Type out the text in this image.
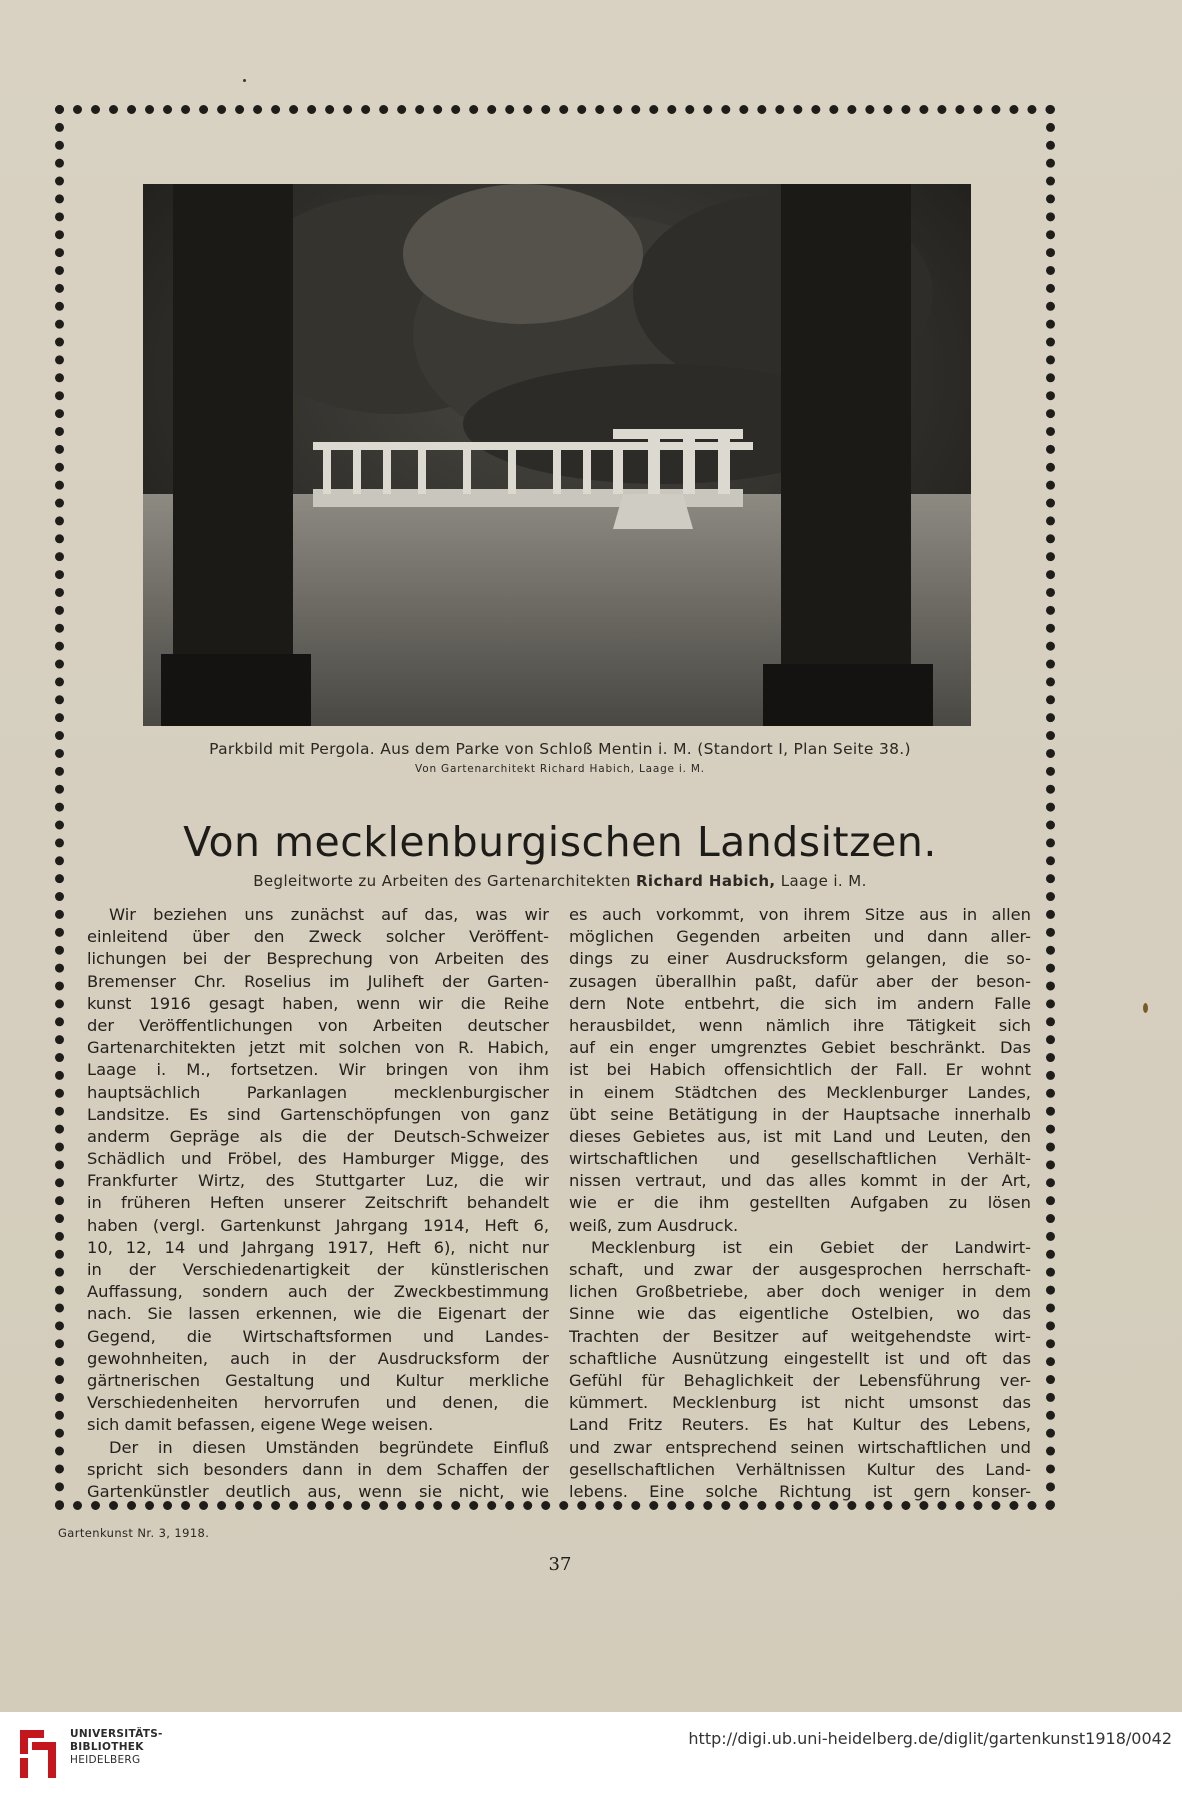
Parkbild mit Pergola. Aus dem Parke von Schloß Mentin i. M. (Standort I, Plan Seite 38.)
Von Gartenarchitekt Richard Habich, Laage i. M.
Von mecklenburgischen Landsitzen.
Begleitworte zu Arbeiten des Gartenarchitekten Richard Habich, Laage i. M.
Wir beziehen uns zunächst auf das, was wir
einleitend über den Zweck solcher Veröffent-
lichungen bei der Besprechung von Arbeiten des
Bremenser Chr. Roselius im Juliheft der Garten-
kunst 1916 gesagt haben, wenn wir die Reihe
der Veröffentlichungen von Arbeiten deutscher
Gartenarchitekten jetzt mit solchen von R. Habich,
Laage i. M., fortsetzen. Wir bringen von ihm
hauptsächlich Parkanlagen mecklenburgischer
Landsitze. Es sind Gartenschöpfungen von ganz
anderm Gepräge als die der Deutsch-Schweizer
Schädlich und Fröbel, des Hamburger Migge, des
Frankfurter Wirtz, des Stuttgarter Luz, die wir
in früheren Heften unserer Zeitschrift behandelt
haben (vergl. Gartenkunst Jahrgang 1914, Heft 6,
10, 12, 14 und Jahrgang 1917, Heft 6), nicht nur
in der Verschiedenartigkeit der künstlerischen
Auffassung, sondern auch der Zweckbestimmung
nach. Sie lassen erkennen, wie die Eigenart der
Gegend, die Wirtschaftsformen und Landes-
gewohnheiten, auch in der Ausdrucksform der
gärtnerischen Gestaltung und Kultur merkliche
Verschiedenheiten hervorrufen und denen, die
sich damit befassen, eigene Wege weisen.
Der in diesen Umständen begründete Einfluß
spricht sich besonders dann in dem Schaffen der
Gartenkünstler deutlich aus, wenn sie nicht, wie
es auch vorkommt, von ihrem Sitze aus in allen
möglichen Gegenden arbeiten und dann aller-
dings zu einer Ausdrucksform gelangen, die so-
zusagen überallhin paßt, dafür aber der beson-
dern Note entbehrt, die sich im andern Falle
herausbildet, wenn nämlich ihre Tätigkeit sich
auf ein enger umgrenztes Gebiet beschränkt. Das
ist bei Habich offensichtlich der Fall. Er wohnt
in einem Städtchen des Mecklenburger Landes,
übt seine Betätigung in der Hauptsache innerhalb
dieses Gebietes aus, ist mit Land und Leuten, den
wirtschaftlichen und gesellschaftlichen Verhält-
nissen vertraut, und das alles kommt in der Art,
wie er die ihm gestellten Aufgaben zu lösen
weiß, zum Ausdruck.
Mecklenburg ist ein Gebiet der Landwirt-
schaft, und zwar der ausgesprochen herrschaft-
lichen Großbetriebe, aber doch weniger in dem
Sinne wie das eigentliche Ostelbien, wo das
Trachten der Besitzer auf weitgehendste wirt-
schaftliche Ausnützung eingestellt ist und oft das
Gefühl für Behaglichkeit der Lebensführung ver-
kümmert. Mecklenburg ist nicht umsonst das
Land Fritz Reuters. Es hat Kultur des Lebens,
und zwar entsprechend seinen wirtschaftlichen und
gesellschaftlichen Verhältnissen Kultur des Land-
lebens. Eine solche Richtung ist gern konser-
Gartenkunst Nr. 3, 1918.
37
UNIVERSITÄTS-
BIBLIOTHEK
HEIDELBERG
http://digi.ub.uni-heidelberg.de/diglit/gartenkunst1918/0042
